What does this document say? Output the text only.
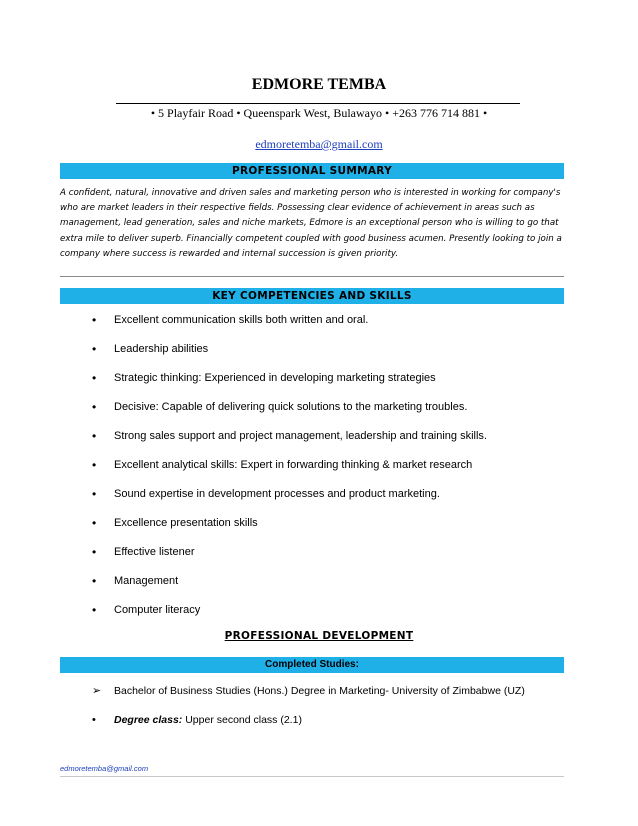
EDMORE TEMBA
• 5 Playfair Road • Queenspark West, Bulawayo • +263 776 714 881 •
edmoretemba@gmail.com
PROFESSIONAL SUMMARY
A confident, natural, innovative and driven sales and marketing person who is interested in working for company's who are market leaders in their respective fields. Possessing clear evidence of achievement in areas such as management, lead generation, sales and niche markets, Edmore is an exceptional person who is willing to go that extra mile to deliver superb. Financially competent coupled with good business acumen. Presently looking to join a company where success is rewarded and internal succession is given priority.
KEY COMPETENCIES AND SKILLS
• Excellent communication skills both written and oral.
• Leadership abilities
• Strategic thinking: Experienced in developing marketing strategies
• Decisive: Capable of delivering quick solutions to the marketing troubles.
• Strong sales support and project management, leadership and training skills.
• Excellent analytical skills: Expert in forwarding thinking & market research
• Sound expertise in development processes and product marketing.
• Excellence presentation skills
• Effective listener
• Management
• Computer literacy
PROFESSIONAL DEVELOPMENT
Completed Studies:
➢ Bachelor of Business Studies (Hons.) Degree in Marketing- University of Zimbabwe (UZ)
• Degree class: Upper second class (2.1)
edmoretemba@gmail.com
